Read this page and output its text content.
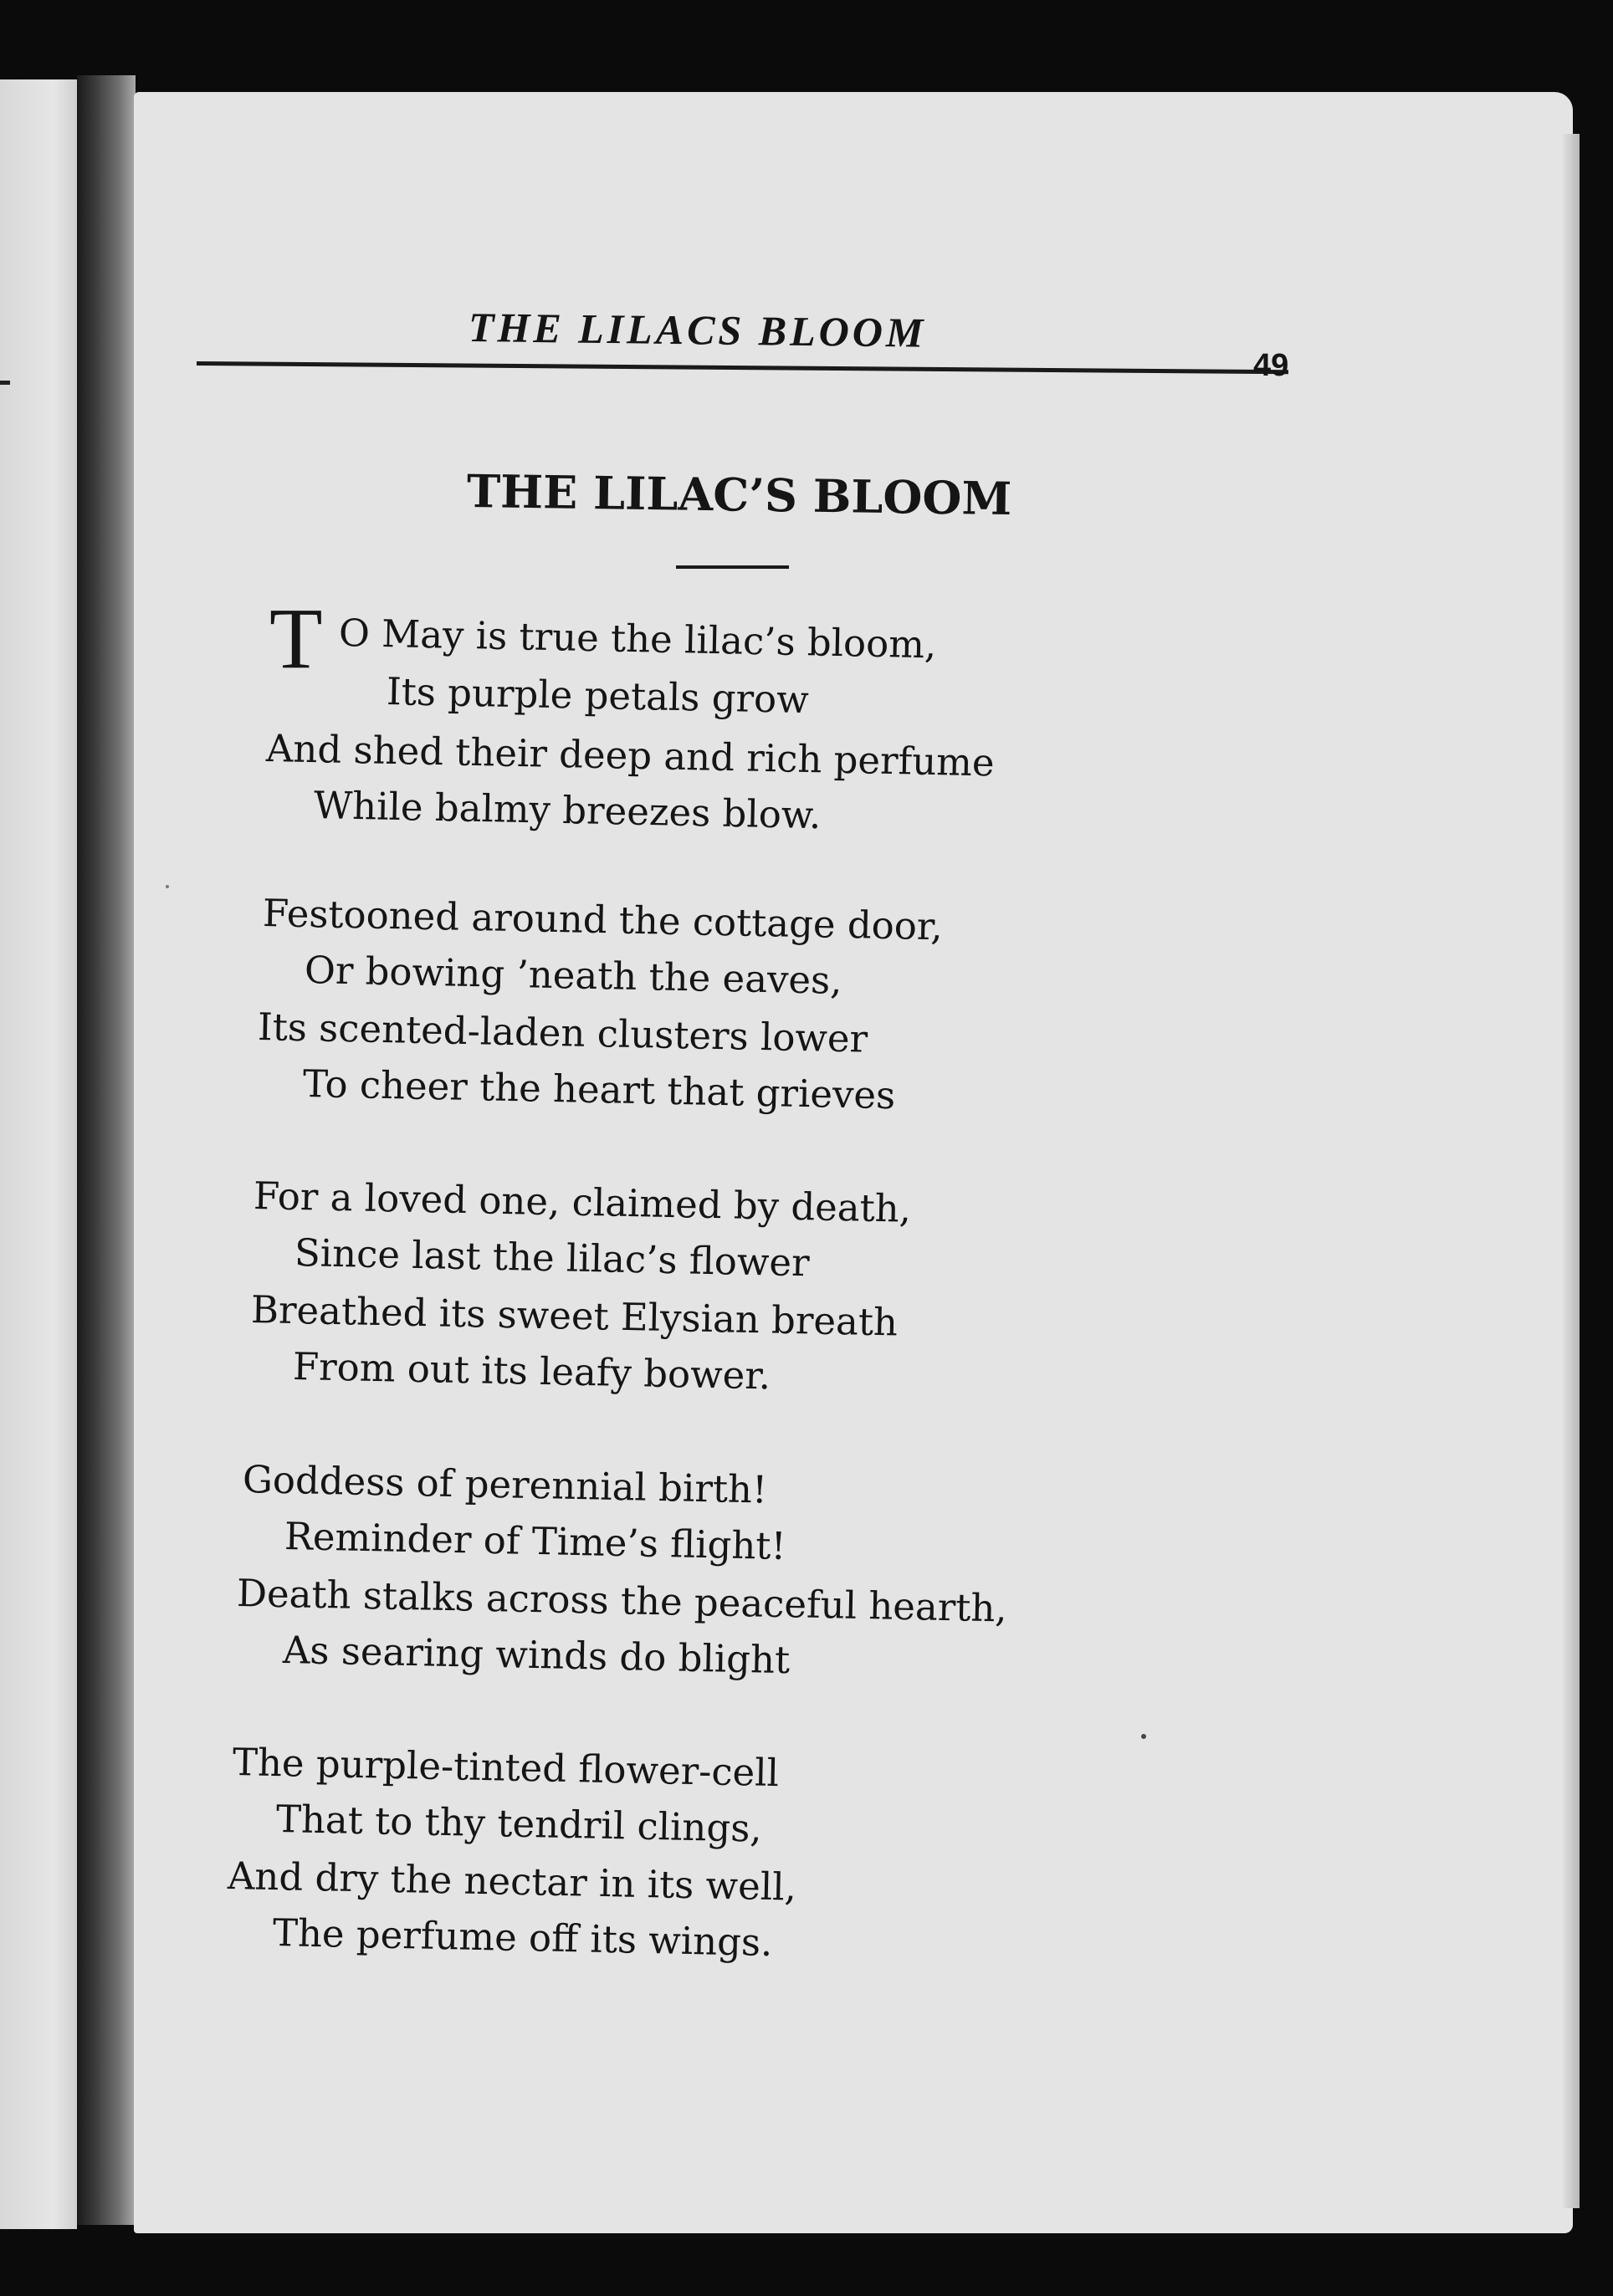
THE LILACS BLOOM
49
THE LILAC’S BLOOM
T O May is true the lilac’s bloom,
Its purple petals grow
And shed their deep and rich perfume
While balmy breezes blow.
Festooned around the cottage door,
Or bowing ’neath the eaves,
Its scented-laden clusters lower
To cheer the heart that grieves
For a loved one, claimed by death,
Since last the lilac’s flower
Breathed its sweet Elysian breath
From out its leafy bower.
Goddess of perennial birth!
Reminder of Time’s flight!
Death stalks across the peaceful hearth,
As searing winds do blight
The purple-tinted flower-cell
That to thy tendril clings,
And dry the nectar in its well,
The perfume off its wings.
